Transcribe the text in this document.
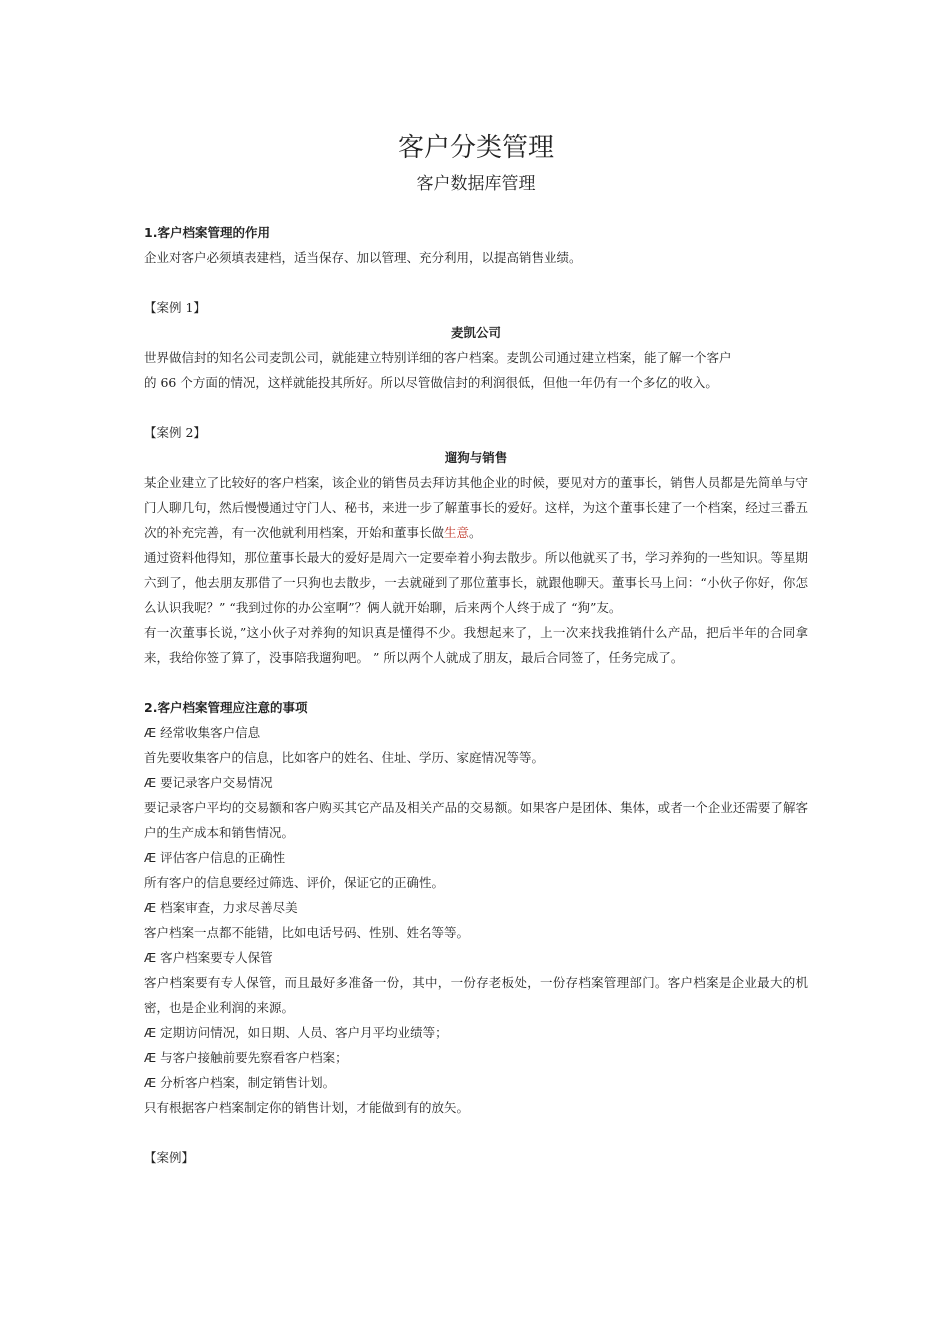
客户分类管理
客户数据库管理

1.客户档案管理的作用

企业对客户必须填表建档，适当保存、加以管理、充分利用，以提高销售业绩。

【案例 1】

麦凯公司

世界做信封的知名公司麦凯公司，就能建立特别详细的客户档案。麦凯公司通过建立档案，能了解一个客户

的 66 个方面的情况，这样就能投其所好。所以尽管做信封的利润很低，但他一年仍有一个多亿的收入。

【案例 2】

遛狗与销售

某企业建立了比较好的客户档案，该企业的销售员去拜访其他企业的时候，要见对方的董事长，销售人员都是先简单与守门人聊几句，然后慢慢通过守门人、秘书，来进一步了解董事长的爱好。这样，为这个董事长建了一个档案，经过三番五次的补充完善，有一次他就利用档案，开始和董事长做生意。

通过资料他得知，那位董事长最大的爱好是周六一定要牵着小狗去散步。所以他就买了书，学习养狗的一些知识。等星期六到了，他去朋友那借了一只狗也去散步，一去就碰到了那位董事长，就跟他聊天。董事长马上问：“小伙子你好，你怎么认识我呢？” “我到过你的办公室啊”？俩人就开始聊，后来两个人终于成了 “狗”友。

有一次董事长说，”这小伙子对养狗的知识真是懂得不少。我想起来了，上一次来找我推销什么产品，把后半年的合同拿来，我给你签了算了，没事陪我遛狗吧。 ” 所以两个人就成了朋友，最后合同签了，任务完成了。

2.客户档案管理应注意的事项

Æ 经常收集客户信息

首先要收集客户的信息，比如客户的姓名、住址、学历、家庭情况等等。

Æ 要记录客户交易情况

要记录客户平均的交易额和客户购买其它产品及相关产品的交易额。如果客户是团体、集体，或者一个企业还需要了解客户的生产成本和销售情况。

Æ 评估客户信息的正确性

所有客户的信息要经过筛选、评价，保证它的正确性。

Æ 档案审查，力求尽善尽美

客户档案一点都不能错，比如电话号码、性别、姓名等等。

Æ 客户档案要专人保管

客户档案要有专人保管，而且最好多准备一份，其中，一份存老板处，一份存档案管理部门。客户档案是企业最大的机密，也是企业利润的来源。

Æ 定期访问情况，如日期、人员、客户月平均业绩等；

Æ 与客户接触前要先察看客户档案；

Æ 分析客户档案，制定销售计划。

只有根据客户档案制定你的销售计划，才能做到有的放矢。

【案例】
